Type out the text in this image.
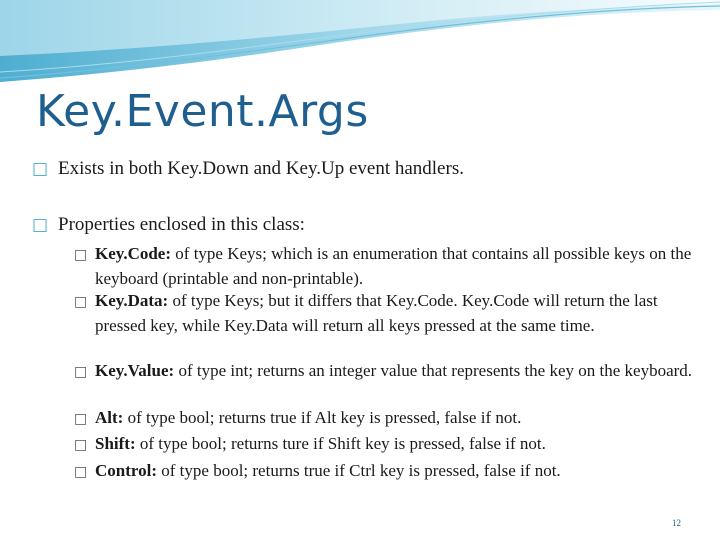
Key.Event.Args
□ Exists in both Key.Down and Key.Up event handlers.
□ Properties enclosed in this class:
□ Key.Code: of type Keys; which is an enumeration that contains all possible keys on the keyboard (printable and non-printable).
□ Key.Data: of type Keys; but it differs that Key.Code. Key.Code will return the last pressed key, while Key.Data will return all keys pressed at the same time.
□ Key.Value: of type int; returns an integer value that represents the key on the keyboard.
□ Alt: of type bool; returns true if Alt key is pressed, false if not.
□ Shift: of type bool; returns ture if Shift key is pressed, false if not.
□ Control: of type bool; returns true if Ctrl key is pressed, false if not.
12
